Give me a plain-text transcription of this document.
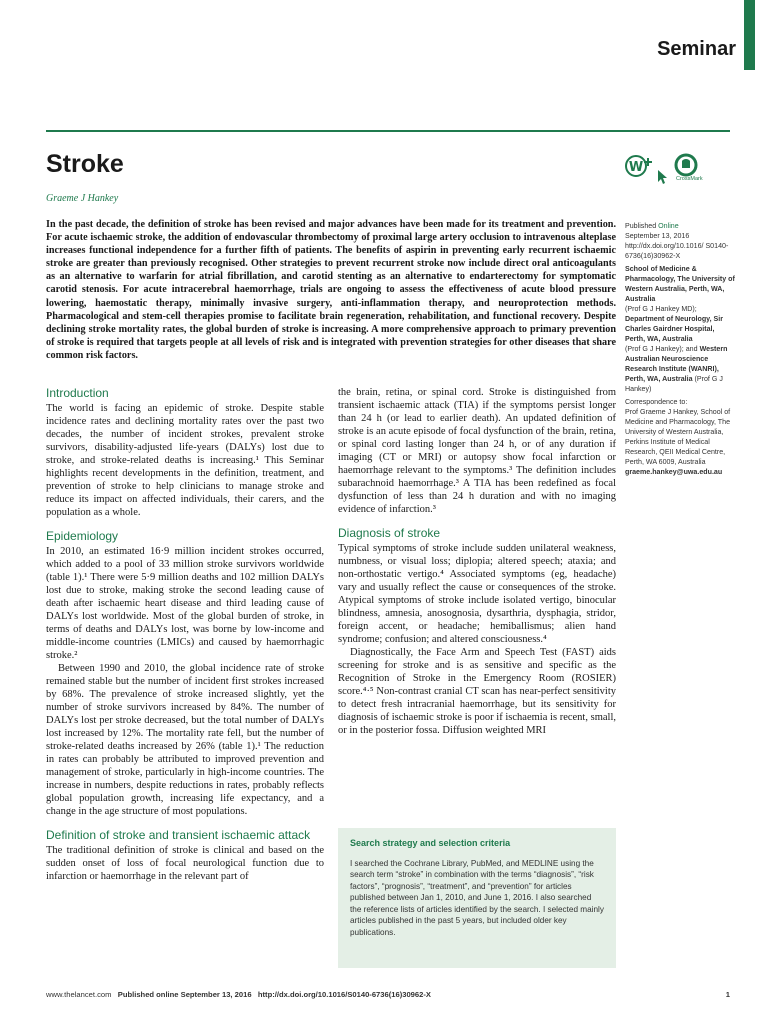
Seminar
Stroke
Graeme J Hankey
W
CrossMark

In the past decade, the definition of stroke has been revised and major advances have been made for its treatment and prevention. For acute ischaemic stroke, the addition of endovascular thrombectomy of proximal large artery occlusion to intravenous alteplase increases functional independence for a further fifth of patients. The benefits of aspirin in preventing early recurrent ischaemic stroke are greater than previously recognised. Other strategies to prevent recurrent stroke now include direct oral anticoagulants as an alternative to warfarin for atrial fibrillation, and carotid stenting as an alternative to endarterectomy for symptomatic carotid stenosis. For acute intracerebral haemorrhage, trials are ongoing to assess the effectiveness of acute blood pressure lowering, haemostatic therapy, minimally invasive surgery, anti-inflammation therapy, and neuroprotection methods. Pharmacological and stem-cell therapies promise to facilitate brain regeneration, rehabilitation, and functional recovery. Despite declining stroke mortality rates, the global burden of stroke is increasing. A more comprehensive approach to primary prevention of stroke is required that targets people at all levels of risk and is integrated with prevention strategies for other diseases that share common risk factors.

Published Online

September 13, 2016

http://dx.doi.org/10.1016/ S0140-6736(16)30962-X

School of Medicine & Pharmacology, The University of Western Australia, Perth, WA, Australia

(Prof G J Hankey MD);

Department of Neurology, Sir Charles Gairdner Hospital, Perth, WA, Australia

(Prof G J Hankey); and Western Australian Neuroscience Research Institute (WANRI), Perth, WA, Australia (Prof G J Hankey)

Correspondence to:

Prof Graeme J Hankey, School of Medicine and Pharmacology, The University of Western Australia, Perkins Institute of Medical Research, QEII Medical Centre, Perth, WA 6009, Australia

graeme.hankey@uwa.edu.au

Introduction

The world is facing an epidemic of stroke. Despite stable incidence rates and declining mortality rates over the past two decades, the number of incident strokes, prevalent stroke survivors, disability-adjusted life-years (DALYs) lost due to stroke, and stroke-related deaths is increasing.¹ This Seminar highlights recent developments in the definition, treatment, and prevention of stroke to help clinicians to manage stroke and reduce its impact on affected individuals, their carers, and the population as a whole.

Epidemiology

In 2010, an estimated 16·9 million incident strokes occurred, which added to a pool of 33 million stroke survivors worldwide (table 1).¹ There were 5·9 million deaths and 102 million DALYs lost due to stroke, making stroke the second leading cause of death after ischaemic heart disease and third leading cause of DALYs lost worldwide. Most of the global burden of stroke, in terms of deaths and DALYs lost, was borne by low-income and middle-income countries (LMICs) and caused by haemorrhagic stroke.²

Between 1990 and 2010, the global incidence rate of stroke remained stable but the number of incident first strokes increased by 68%. The prevalence of stroke increased slightly, yet the number of stroke survivors increased by 84%. The number of DALYs lost per stroke decreased, but the total number of DALYs lost increased by 12%. The mortality rate fell, but the number of stroke-related deaths increased by 26% (table 1).¹ The reduction in rates can probably be attributed to improved prevention and management of stroke, particularly in high-income countries. The increase in numbers, despite reductions in rates, probably reflects global population growth, increasing life expectancy, and a change in the age structure of most populations.

Definition of stroke and transient ischaemic attack

The traditional definition of stroke is clinical and based on the sudden onset of loss of focal neurological function due to infarction or haemorrhage in the relevant part of

the brain, retina, or spinal cord. Stroke is distinguished from transient ischaemic attack (TIA) if the symptoms persist longer than 24 h (or lead to earlier death). An updated definition of stroke is an acute episode of focal dysfunction of the brain, retina, or spinal cord lasting longer than 24 h, or of any duration if imaging (CT or MRI) or autopsy show focal infarction or haemorrhage relevant to the symptoms.³ The definition includes subarachnoid haemorrhage.³ A TIA has been redefined as focal dysfunction of less than 24 h duration and with no imaging evidence of infarction.³

Diagnosis of stroke

Typical symptoms of stroke include sudden unilateral weakness, numbness, or visual loss; diplopia; altered speech; ataxia; and non-orthostatic vertigo.⁴ Associated symptoms (eg, headache) vary and usually reflect the cause or consequences of the stroke. Atypical symptoms of stroke include isolated vertigo, binocular blindness, amnesia, anosognosia, dysarthria, dysphagia, stridor, foreign accent, or headache; hemiballismus; alien hand syndrome; confusion; and altered consciousness.⁴

Diagnostically, the Face Arm and Speech Test (FAST) aids screening for stroke and is as sensitive and specific as the Recognition of Stroke in the Emergency Room (ROSIER) score.⁴·⁵ Non-contrast cranial CT scan has near-perfect sensitivity to detect fresh intracranial haemorrhage, but its sensitivity for diagnosis of ischaemic stroke is poor if ischaemia is recent, small, or in the posterior fossa. Diffusion weighted MRI

Search strategy and selection criteria

I searched the Cochrane Library, PubMed, and MEDLINE using the search term “stroke” in combination with the terms “diagnosis”, “risk factors”, “prognosis”, “treatment”, and “prevention” for articles published between Jan 1, 2010, and June 1, 2016. I also searched the reference lists of articles identified by the search. I selected mainly articles published in the past 5 years, but included older key publications.

www.thelancet.com Published online September 13, 2016 http://dx.doi.org/10.1016/S0140-6736(16)30962-X	1
